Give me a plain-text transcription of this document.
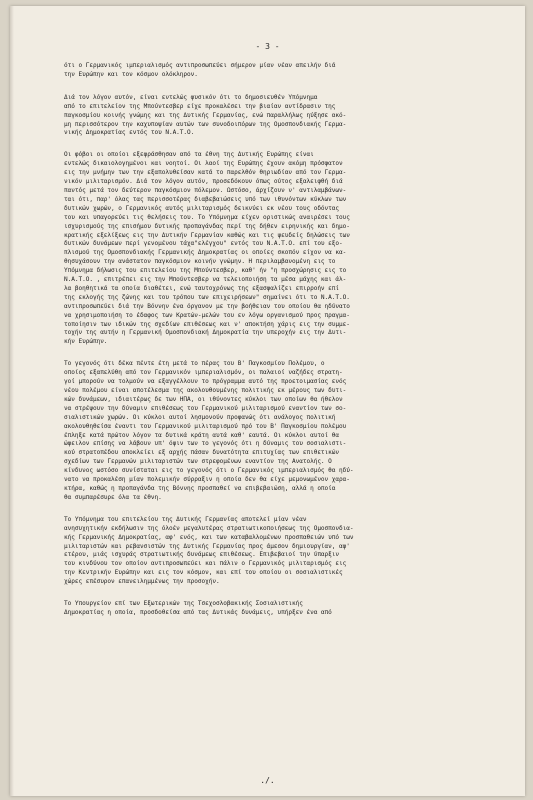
- 3 -
ότι ο Γερμανικός ιμπεριαλισμός αντιπροσωπεύει σήμερον μίαν νέαν απειλήν διά
την Ευρώπην και τον κόσμον ολόκληρον.
Διά τον λόγον αυτόν, είναι εντελώς φυσικόν ότι το δημοσιευθέν Υπόμνημα
από το επιτελείον της Μπούντεσβερ είχε προκαλέσει την βιαίαν αντίδρασιν της
παγκοσμίου κοινής γνώμης και της Δυτικής Γερμανίας, ενώ παραλλήλως ηύξησε ακό-
μη περισσότερον την καχυποψίαν αυτών των συνοδοιπόρων της Ομοσπονδιακής Γερμα-
νικής Δημοκρατίας εντός του Ν.Α.Τ.Ο.
Οι φόβοι οι οποίοι εξεφράσθησαν από τα έθνη της Δυτικής Ευρώπης είναι
εντελώς δικαιολογημένοι και νοητοί. Οι λαοί της Ευρώπης έχουν ακόμη πρόσφατον
εις την μνήμην των την εξαπολυθείσαν κατά το παρελθόν θηριωδίαν από τον Γερμα-
νικόν μιλιταρισμόν. Διά τον λόγον αυτόν, προσεδόκουν όπως ούτος εξαλειφθή διά
παντός μετά τον δεύτερον παγκόσμιον πόλεμον. Ωστόσο, άρχίζουν ν' αντιλαμβάνων-
ται ότι, παρ' όλας τας περισσοτέρας διαβεβαιώσεις υπό των ιθυνόντων κύκλων των
δυτικών χωρών, ο Γερμανικός αυτός μιλιταρισμός δεικνύει εκ νέου τους οδόντας
του και υπαγορεύει τις θελήσεις του. Το Υπόμνημα είχεν οριστικώς αναιρέσει τους
ισχυρισμούς της επισήμου δυτικής προπαγάνδας περί της δήθεν ειρηνικής και δημο-
κρατικής εξελίξεως εις την Δυτικήν Γερμανίαν καθώς και τις ψευδείς δηλώσεις των
δυτικών δυνάμεων περί γενομένου τάχα"ελέγχου" εντός του Ν.Α.Τ.Ο. επί του εξο-
πλισμού της Ομοσπονδιακής Γερμανικής Δημοκρατίας οι οποίες σκοπόν είχον να κα-
θησυχάσουν την ανάστατον παγκόσμιον κοινήν γνώμην. Η περιλαμβανομένη εις το
Υπόμνημα δήλωσις του επιτελείου της Μπούντεσβερ, καθ' ήν "η προσχώρησις εις το
Ν.Α.Τ.Ο. , επιτρέπει εις την Μπούντεσβερ να τελειοποιήση τα μέσα μάχης και άλ-
λα βοηθητικά τα οποία διαθέτει, ενώ ταυτοχρόνως της εξασφαλίζει επιρροήν επί
της εκλογής της ζώνης και του τρόπου των επιχειρήσεων" σημαίνει ότι το Ν.Α.Τ.Ο.
αντιπροσωπεύει διά την Βόννην ένα όργανον με την βοήθειαν του οποίου θα ηδύνατο
να χρησιμοποιήση το έδαφος των Κρατών-μελών του εν λόγω οργανισμού προς πραγμα-
τοποίησιν των ιδικών της σχεδίων επιθέσεως και ν' αποκτήση χάρις εις την συμμε-
τοχήν της αυτήν η Γερμανική Ομοσπονδιακή Δημοκρατία την υπεροχήν εις την Δυτι-
κήν Ευρώπην.
Το γεγονός ότι δέκα πέντε έτη μετά το πέρας του Β' Παγκοσμίου Πολέμου, ο
οποίος εξαπελύθη από τον Γερμανικόν ιμπεριαλισμόν, οι παλαιοί ναζήδες στρατη-
γοί μπορούν να τολμούν να εξαγγέλλουν το πρόγραμμα αυτό της προετοιμασίας ενός
νέου πολέμου είναι αποτέλεσμα της ακολουθουμένης πολιτικής εκ μέρους των δυτι-
κών δυνάμεων, ιδιαιτέρως δε των ΗΠΑ, οι ιθύνοντες κύκλοι των οποίων θα ήθελον
να στρέψουν την δύναμιν επιθέσεως του Γερμανικού μιλιταρισμού εναντίον των σο-
σιαλιστικών χωρών. Οι κύκλοι αυτοί λησμονούν προφανώς ότι ανάλογος πολιτική
ακολουθηθείσα έναντι του Γερμανικού μιλιταρισμού πρό του Β' Παγκοσμίου πολέμου
έπληξε κατά πρώτον λόγον τα δυτικά κράτη αυτά καθ' εαυτά. Οι κύκλοι αυτοί θα
ώφειλον επίσης να λάβουν υπ' όψιν των το γεγονός ότι η δύναμις του σοσιαλιστι-
κού στρατοπέδου αποκλείει εξ αρχής πάσαν δυνατότητα επιτυχίας των επιθετικών
σχεδίων των Γερμανών μιλιταριστών των στρεφομένων εναντίον της Ανατολής. Ο
κίνδυνος ωστόσο συνίσταται εις το γεγονός ότι ο Γερμανικός ιμπεριαλισμός θα ηδύ-
νατο να προκαλέση μίαν πολεμικήν σύρραξιν η οποία δεν θα είχε μεμονωμένον χαρα-
κτήρα, καθώς η προπαγάνδα της Βόννης προσπαθεί να επιβεβαιώση, αλλά η οποία
θα συμπαρέσυρε όλα τα έθνη.
Το Υπόμνημα του επιτελείου της Δυτικής Γερμανίας αποτελεί μίαν νέαν
ανησυχητικήν εκδήλωσιν της όλοέν μεγαλυτέρας στρατιωτικοποιήσεως της Ομοσπονδια-
κής Γερμανικής Δημοκρατίας, αφ' ενός, και των καταβαλλομένων προσπαθειών υπό των
μιλιταριστών και ρεβανσιστών της Δυτικής Γερμανίας προς άμεσον δημιουργίαν, αφ'
ετέρου, μιάς ισχυράς στρατιωτικής δυνάμεως επιθέσεως. Επιβεβαιοί την ύπαρξιν
του κινδύνου τον οποίον αντιπροσωπεύει και πάλιν ο Γερμανικός μιλιταρισμός εις
την Κεντρικήν Ευρώπην και εις τον κόσμον, και επί του οποίου οι σοσιαλιστικές
χώρες επέσυρον επανειλημμένως την προσοχήν.
Το Υπουργείον επί των Εξωτερικών της Τσεχοσλοβακικής Σοσιαλιστικής
Δημοκρατίας η οποία, προσδοθείσα από τας Δυτικάς δυνάμεις, υπήρξεν ένα από
./.
